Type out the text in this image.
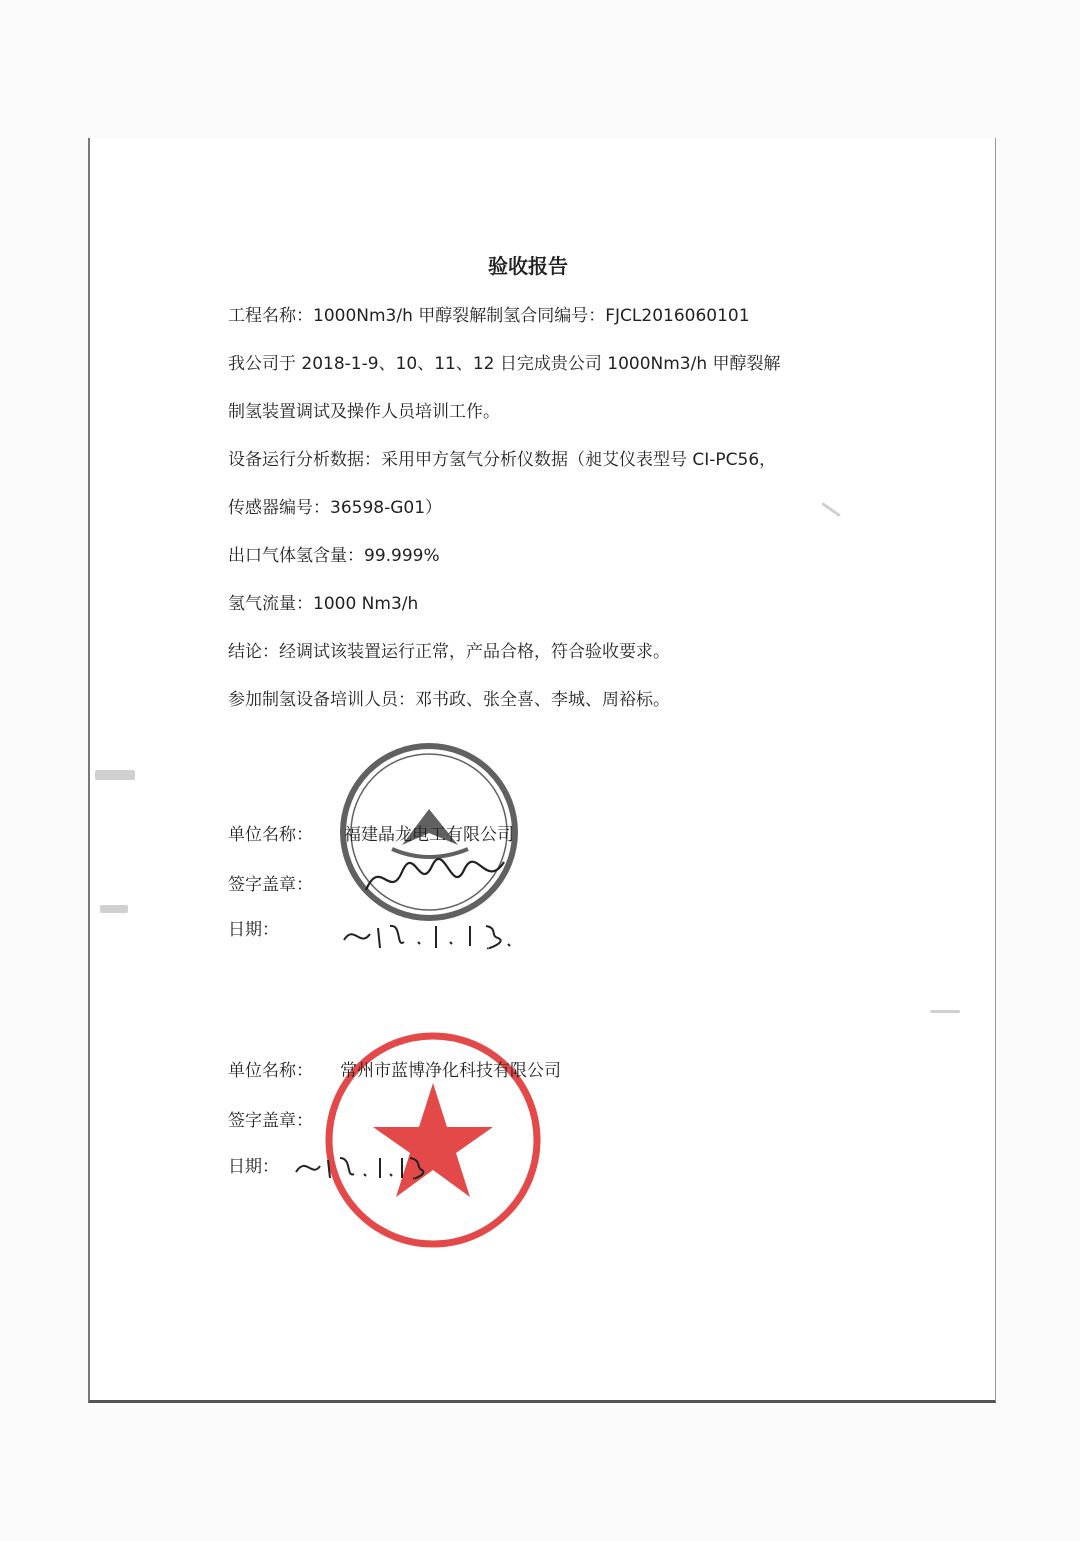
验收报告
工程名称：1000Nm3/h 甲醇裂解制氢合同编号：FJCL2016060101
我公司于 2018-1-9、10、11、12 日完成贵公司 1000Nm3/h 甲醇裂解
制氢装置调试及操作人员培训工作。
设备运行分析数据：采用甲方氢气分析仪数据（昶艾仪表型号 CI-PC56，
传感器编号：36598-G01）
出口气体氢含量：99.999%
氢气流量：1000 Nm3/h
结论：经调试该装置运行正常，产品合格，符合验收要求。
参加制氢设备培训人员：邓书政、张全喜、李城、周裕标。
单位名称： 福建晶龙电工有限公司
签字盖章：
日期：
单位名称： 常州市蓝博净化科技有限公司
签字盖章：
日期：
